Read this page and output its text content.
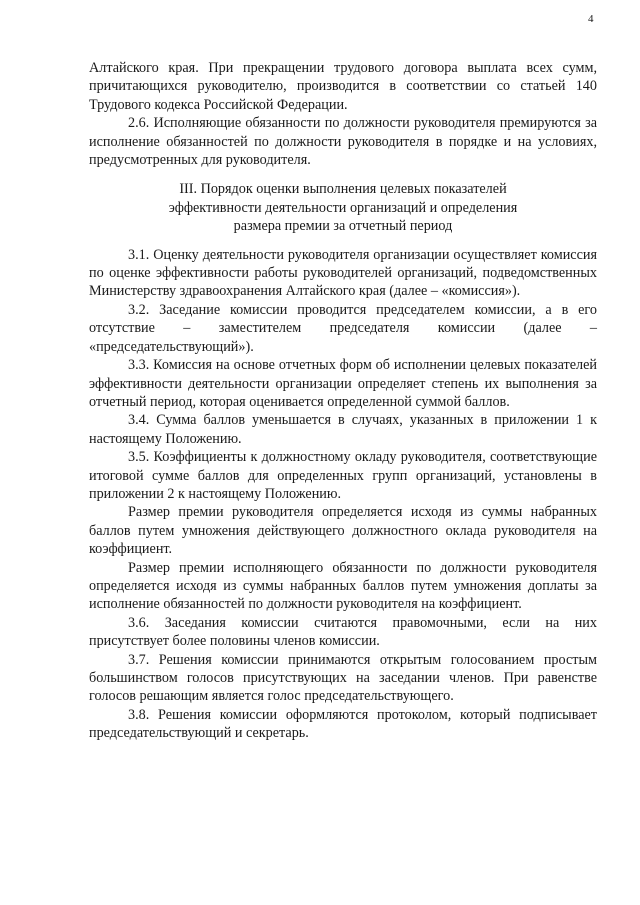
4

Алтайского края. При прекращении трудового договора выплата всех сумм, причитающихся руководителю, производится в соответствии со статьей 140 Трудового кодекса Российской Федерации.

2.6. Исполняющие обязанности по должности руководителя премируются за исполнение обязанностей по должности руководителя в порядке и на условиях, предусмотренных для руководителя.

III. Порядок оценки выполнения целевых показателей
эффективности деятельности организаций и определения
размера премии за отчетный период

3.1. Оценку деятельности руководителя организации осуществляет комиссия по оценке эффективности работы руководителей организаций, подведомственных Министерству здравоохранения Алтайского края (далее – «комиссия»).

3.2. Заседание комиссии проводится председателем комиссии, а в его отсутствие – заместителем председателя комиссии (далее – «председательствующий»).

3.3. Комиссия на основе отчетных форм об исполнении целевых показателей эффективности деятельности организации определяет степень их выполнения за отчетный период, которая оценивается определенной суммой баллов.

3.4. Сумма баллов уменьшается в случаях, указанных в приложении 1 к настоящему Положению.

3.5. Коэффициенты к должностному окладу руководителя, соответствующие итоговой сумме баллов для определенных групп организаций, установлены в приложении 2 к настоящему Положению.

Размер премии руководителя определяется исходя из суммы набранных баллов путем умножения действующего должностного оклада руководителя на коэффициент.

Размер премии исполняющего обязанности по должности руководителя определяется исходя из суммы набранных баллов путем умножения доплаты за исполнение обязанностей по должности руководителя на коэффициент.

3.6. Заседания комиссии считаются правомочными, если на них присутствует более половины членов комиссии.

3.7. Решения комиссии принимаются открытым голосованием простым большинством голосов присутствующих на заседании членов. При равенстве голосов решающим является голос председательствующего.

3.8. Решения комиссии оформляются протоколом, который подписывает председательствующий и секретарь.
